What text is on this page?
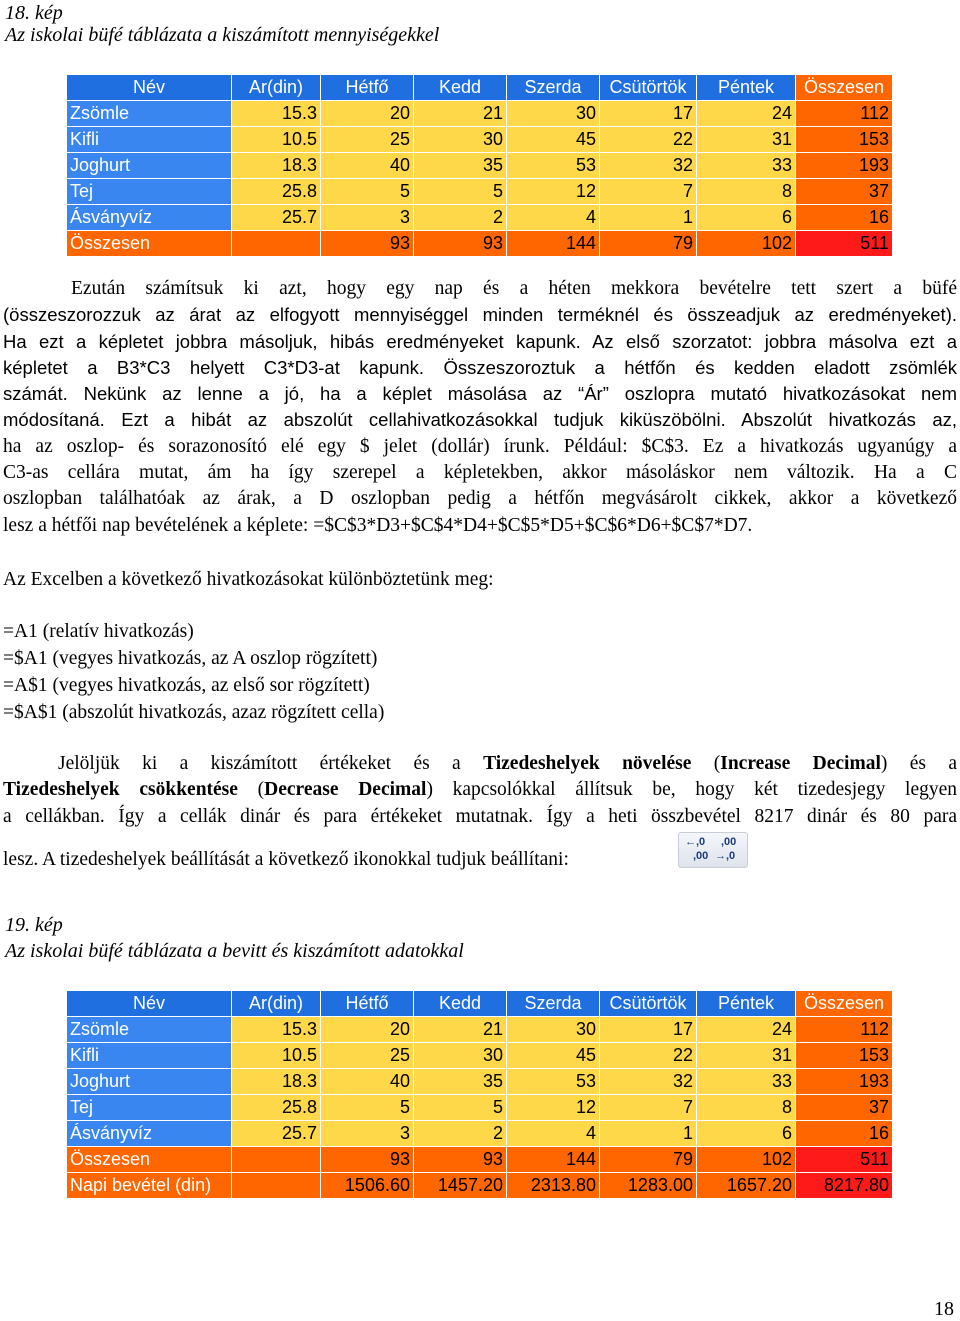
18. kép
Az iskolai büfé táblázata a kiszámított mennyiségekkel
Név	Ar(din)	Hétfő	Kedd	Szerda	Csütörtök	Péntek	Összesen
Zsömle	15.3	20	21	30	17	24	112
Kifli	10.5	25	30	45	22	31	153
Joghurt	18.3	40	35	53	32	33	193
Tej	25.8	5	5	12	7	8	37
Ásványvíz	25.7	3	2	4	1	6	16
Összesen		93	93	144	79	102	511
Ezután számítsuk ki azt, hogy egy nap és a héten mekkora bevételre tett szert a büfé
(összeszorozzuk az árat az elfogyott mennyiséggel minden terméknél és összeadjuk az eredményeket).
Ha ezt a képletet jobbra másoljuk, hibás eredményeket kapunk. Az első szorzatot: jobbra másolva ezt a
képletet a B3*C3 helyett C3*D3-at kapunk. Összeszoroztuk a hétfőn és kedden eladott zsömlék
számát. Nekünk az lenne a jó, ha a képlet másolása az “Ár” oszlopra mutató hivatkozásokat nem
módosítaná. Ezt a hibát az abszolút cellahivatkozásokkal tudjuk kiküszöbölni. Abszolút hivatkozás az,
ha az oszlop- és sorazonosító elé egy $ jelet (dollár) írunk. Például: $C$3. Ez a hivatkozás ugyanúgy a
C3-as cellára mutat, ám ha így szerepel a képletekben, akkor másoláskor nem változik. Ha a C
oszlopban találhatóak az árak, a D oszlopban pedig a hétfőn megvásárolt cikkek, akkor a következő
lesz a hétfői nap bevételének a képlete: =$C$3*D3+$C$4*D4+$C$5*D5+$C$6*D6+$C$7*D7.
Az Excelben a következő hivatkozásokat különböztetünk meg:
=A1 (relatív hivatkozás)
=$A1 (vegyes hivatkozás, az A oszlop rögzített)
=A$1 (vegyes hivatkozás, az első sor rögzített)
=$A$1 (abszolút hivatkozás, azaz rögzített cella)
Jelöljük ki a kiszámított értékeket és a Tizedeshelyek növelése (Increase Decimal) és a
Tizedeshelyek csökkentése (Decrease Decimal) kapcsolókkal állítsuk be, hogy két tizedesjegy legyen
a cellákban. Így a cellák dinár és para értékeket mutatnak. Így a heti összbevétel 8217 dinár és 80 para
lesz. A tizedeshelyek beállítását a következő ikonokkal tudjuk beállítani:
←,0
,00
,00
→,0
19. kép
Az iskolai büfé táblázata a bevitt és kiszámított adatokkal
Név	Ar(din)	Hétfő	Kedd	Szerda	Csütörtök	Péntek	Összesen
Zsömle	15.3	20	21	30	17	24	112
Kifli	10.5	25	30	45	22	31	153
Joghurt	18.3	40	35	53	32	33	193
Tej	25.8	5	5	12	7	8	37
Ásványvíz	25.7	3	2	4	1	6	16
Összesen		93	93	144	79	102	511
Napi bevétel (din)		1506.60	1457.20	2313.80	1283.00	1657.20	8217.80
18
